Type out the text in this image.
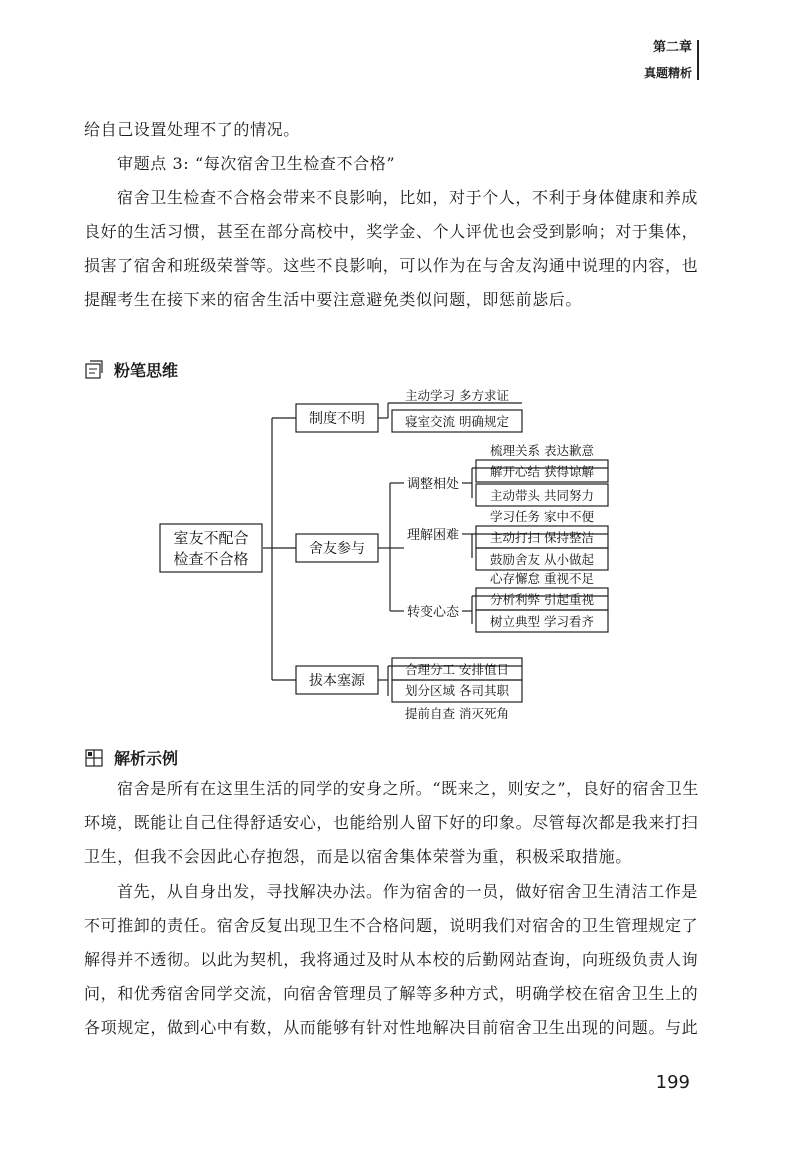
第二章
真题精析

给自己设置处理不了的情况。

审题点 3: “每次宿舍卫生检查不合格”

宿舍卫生检查不合格会带来不良影响，比如，对于个人，不利于身体健康和养成良好的生活习惯，甚至在部分高校中，奖学金、个人评优也会受到影响；对于集体，损害了宿舍和班级荣誉等。这些不良影响，可以作为在与舍友沟通中说理的内容，也提醒考生在接下来的宿舍生活中要注意避免类似问题，即惩前毖后。

粉笔思维
室友不配合
检查不合格
制度不明
舍友参与
拔本塞源
调整相处
理解困难
转变心态
主动学习 多方求证
寝室交流 明确规定
梳理关系 表达歉意
解开心结 获得谅解
主动带头 共同努力
学习任务 家中不便
主动打扫 保持整洁
鼓励舍友 从小做起
心存懈怠 重视不足
分析利弊 引起重视
树立典型 学习看齐
合理分工 安排值日
划分区域 各司其职
提前自查 消灭死角
解析示例

宿舍是所有在这里生活的同学的安身之所。“既来之，则安之”，良好的宿舍卫生环境，既能让自己住得舒适安心，也能给别人留下好的印象。尽管每次都是我来打扫卫生，但我不会因此心存抱怨，而是以宿舍集体荣誉为重，积极采取措施。

首先，从自身出发，寻找解决办法。作为宿舍的一员，做好宿舍卫生清洁工作是不可推卸的责任。宿舍反复出现卫生不合格问题，说明我们对宿舍的卫生管理规定了解得并不透彻。以此为契机，我将通过及时从本校的后勤网站查询，向班级负责人询问，和优秀宿舍同学交流，向宿舍管理员了解等多种方式，明确学校在宿舍卫生上的各项规定，做到心中有数，从而能够有针对性地解决目前宿舍卫生出现的问题。与此

199
